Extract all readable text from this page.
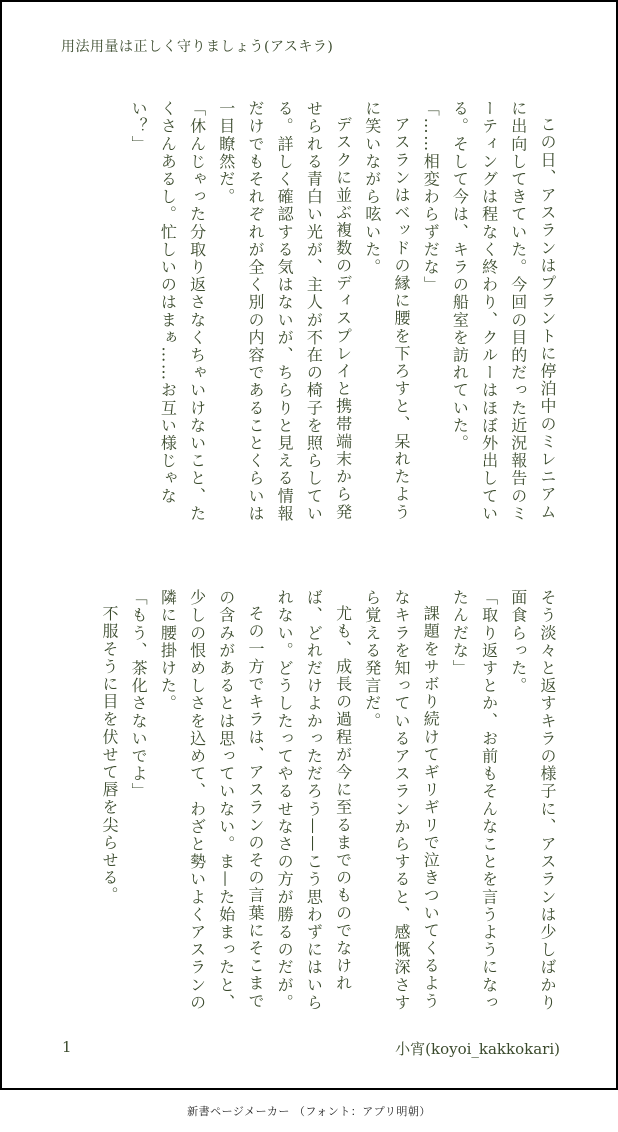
用法用量は正しく守りましょう(アスキラ)

この日、アスランはプラントに停泊中のミレニアムに出向してきていた。今回の目的だった近況報告のミーティングは程なく終わり、クルーはほぼ外出している。そして今は、キラの船室を訪れていた。

「……相変わらずだな」

アスランはベッドの縁に腰を下ろすと、呆れたように笑いながら呟いた。

デスクに並ぶ複数のディスプレイと携帯端末から発せられる青白い光が、主人が不在の椅子を照らしている。詳しく確認する気はないが、ちらりと見える情報だけでもそれぞれが全く別の内容であることくらいは一目瞭然だ。

「休んじゃった分取り返さなくちゃいけないこと、たくさんあるし。忙しいのはまぁ……お互い様じゃない？」

そう淡々と返すキラの様子に、アスランは少しばかり面食らった。

「取り返すとか、お前もそんなことを言うようになったんだな」

課題をサボり続けてギリギリで泣きついてくるようなキラを知っているアスランからすると、感慨深さすら覚える発言だ。

尤も、成長の過程が今に至るまでのものでなければ、どれだけよかっただろう——こう思わずにはいられない。どうしたってやるせなさの方が勝るのだが。

その一方でキラは、アスランのその言葉にそこまでの含みがあるとは思っていない。ま—た始まったと、少しの恨めしさを込めて、わざと勢いよくアスランの隣に腰掛けた。

「もう、茶化さないでよ」

不服そうに目を伏せて唇を尖らせる。

1	小宵(koyoi_kakkokari)
新書ページメーカー （フォント：アプリ明朝）
